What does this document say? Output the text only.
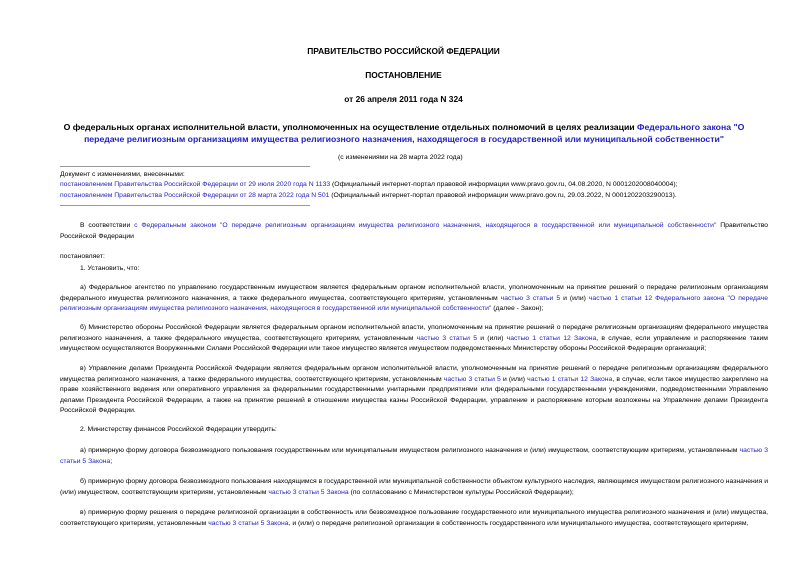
ПРАВИТЕЛЬСТВО РОССИЙСКОЙ ФЕДЕРАЦИИ
ПОСТАНОВЛЕНИЕ
от 26 апреля 2011 года N 324
О федеральных органах исполнительной власти, уполномоченных на осуществление отдельных полномочий в целях реализации Федерального закона "О передаче религиозным организациям имущества религиозного назначения, находящегося в государственной или муниципальной собственности"
(с изменениями на 28 марта 2022 года)
Документ с изменениями, внесенными:
постановлением Правительства Российской Федерации от 29 июля 2020 года N 1133 (Официальный интернет-портал правовой информации www.pravo.gov.ru, 04.08.2020, N 0001202008040004);
постановлением Правительства Российской Федерации от 28 марта 2022 года N 501 (Официальный интернет-портал правовой информации www.pravo.gov.ru, 29.03.2022, N 0001202203290013).
В соответствии с Федеральным законом "О передаче религиозным организациям имущества религиозного назначения, находящегося в государственной или муниципальной собственности" Правительство Российской Федерации
постановляет:
1. Установить, что:
а) Федеральное агентство по управлению государственным имуществом является федеральным органом исполнительной власти, уполномоченным на принятие решений о передаче религиозным организациям федерального имущества религиозного назначения, а также федерального имущества, соответствующего критериям, установленным частью 3 статьи 5 и (или) частью 1 статьи 12 Федерального закона "О передаче религиозным организациям имущества религиозного назначения, находящегося в государственной или муниципальной собственности" (далее - Закон);
б) Министерство обороны Российской Федерации является федеральным органом исполнительной власти, уполномоченным на принятие решений о передаче религиозным организациям федерального имущества религиозного назначения, а также федерального имущества, соответствующего критериям, установленным частью 3 статьи 5 и (или) частью 1 статьи 12 Закона, в случае, если управление и распоряжение таким имуществом осуществляются Вооруженными Силами Российской Федерации или такое имущество является имуществом подведомственных Министерству обороны Российской Федерации организаций;
в) Управление делами Президента Российской Федерации является федеральным органом исполнительной власти, уполномоченным на принятие решений о передаче религиозным организациям федерального имущества религиозного назначения, а также федерального имущества, соответствующего критериям, установленным частью 3 статьи 5 и (или) частью 1 статьи 12 Закона, в случае, если такое имущество закреплено на праве хозяйственного ведения или оперативного управления за федеральными государственными унитарными предприятиями или федеральными государственными учреждениями, подведомственными Управлению делами Президента Российской Федерации, а также на принятие решений в отношении имущества казны Российской Федерации, управление и распоряжение которым возложены на Управление делами Президента Российской Федерации.
2. Министерству финансов Российской Федерации утвердить:
а) примерную форму договора безвозмездного пользования государственным или муниципальным имуществом религиозного назначения и (или) имуществом, соответствующим критериям, установленным частью 3 статьи 5 Закона;
б) примерную форму договора безвозмездного пользования находящимся в государственной или муниципальной собственности объектом культурного наследия, являющимся имуществом религиозного назначения и (или) имуществом, соответствующим критериям, установленным частью 3 статьи 5 Закона (по согласованию с Министерством культуры Российской Федерации);
в) примерную форму решения о передаче религиозной организации в собственность или безвозмездное пользование государственного или муниципального имущества религиозного назначения и (или) имущества, соответствующего критериям, установленным частью 3 статьи 5 Закона, и (или) о передаче религиозной организации в собственность государственного или муниципального имущества, соответствующего критериям,
